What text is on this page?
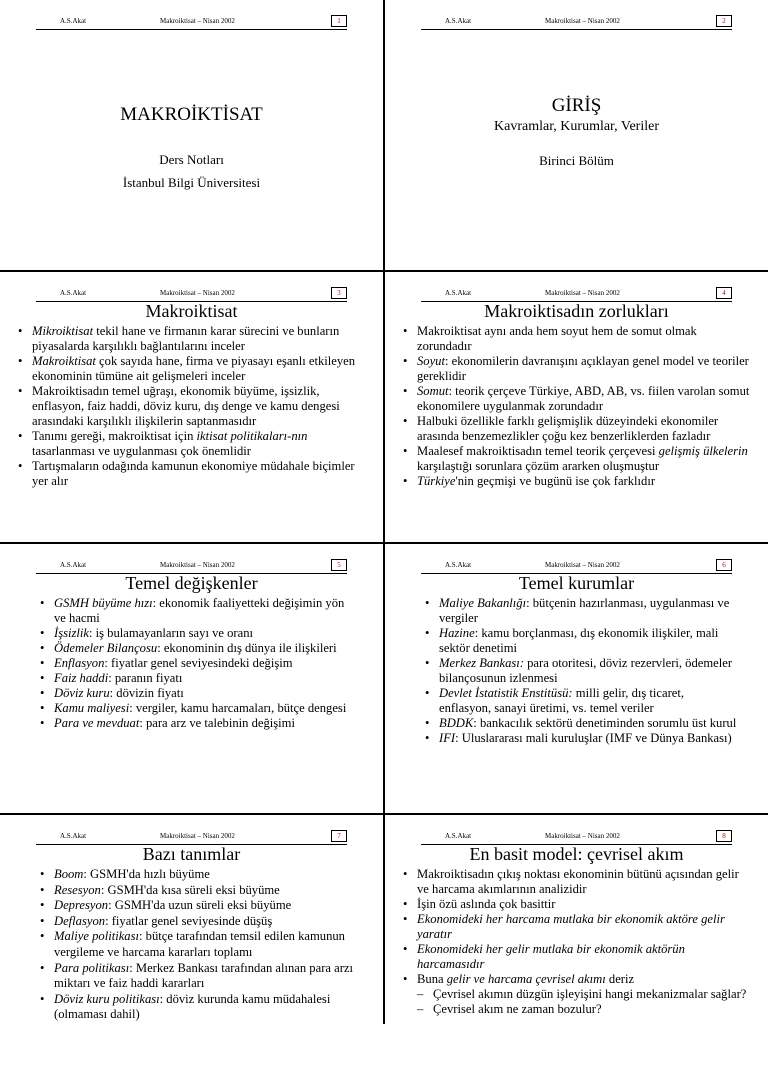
A.S.Akat	Makroiktisat – Nisan 2002	1
MAKROİKTİSAT
Ders Notları
İstanbul Bilgi Üniversitesi
A.S.Akat	Makroiktisat – Nisan 2002	2
GİRİŞ
Kavramlar, Kurumlar, Veriler
Birinci Bölüm
A.S.Akat	Makroiktisat – Nisan 2002	3
Makroiktisat
• Mikroiktisat tekil hane ve firmanın karar sürecini ve bunların piyasalarda karşılıklı bağlantılarını inceler
• Makroiktisat çok sayıda hane, firma ve piyasayı eşanlı etkileyen ekonominin tümüne ait gelişmeleri inceler
• Makroiktisadın temel uğraşı, ekonomik büyüme, işsizlik, enflasyon, faiz haddi, döviz kuru, dış denge ve kamu dengesi arasındaki karşılıklı ilişkilerin saptanmasıdır
• Tanımı gereği, makroiktisat için iktisat politikaları-nın tasarlanması ve uygulanması çok önemlidir
• Tartışmaların odağında kamunun ekonomiye müdahale biçimler yer alır
A.S.Akat	Makroiktisat – Nisan 2002	4
Makroiktisadın zorlukları
• Makroiktisat aynı anda hem soyut hem de somut olmak zorundadır
• Soyut: ekonomilerin davranışını açıklayan genel model ve teoriler gereklidir
• Somut: teorik çerçeve Türkiye, ABD, AB, vs. fiilen varolan somut ekonomilere uygulanmak zorundadır
• Halbuki özellikle farklı gelişmişlik düzeyindeki ekonomiler arasında benzemezlikler çoğu kez benzerliklerden fazladır
• Maalesef makroiktisadın temel teorik çerçevesi gelişmiş ülkelerin karşılaştığı sorunlara çözüm ararken oluşmuştur
• Türkiye'nin geçmişi ve bugünü ise çok farklıdır
A.S.Akat	Makroiktisat – Nisan 2002	5
Temel değişkenler
• GSMH büyüme hızı: ekonomik faaliyetteki değişimin yön ve hacmi
• İşsizlik: iş bulamayanların sayı ve oranı
• Ödemeler Bilançosu: ekonominin dış dünya ile ilişkileri
• Enflasyon: fiyatlar genel seviyesindeki değişim
• Faiz haddi: paranın fiyatı
• Döviz kuru: dövizin fiyatı
• Kamu maliyesi: vergiler, kamu harcamaları, bütçe dengesi
• Para ve mevduat: para arz ve talebinin değişimi
A.S.Akat	Makroiktisat – Nisan 2002	6
Temel kurumlar
• Maliye Bakanlığı: bütçenin hazırlanması, uygulanması ve vergiler
• Hazine: kamu borçlanması, dış ekonomik ilişkiler, mali sektör denetimi
• Merkez Bankası: para otoritesi, döviz rezervleri, ödemeler bilançosunun izlenmesi
• Devlet İstatistik Enstitüsü: milli gelir, dış ticaret, enflasyon, sanayi üretimi, vs. temel veriler
• BDDK: bankacılık sektörü denetiminden sorumlu üst kurul
• IFI: Uluslararası mali kuruluşlar (IMF ve Dünya Bankası)
A.S.Akat	Makroiktisat – Nisan 2002	7
Bazı tanımlar
• Boom: GSMH'da hızlı büyüme
• Resesyon: GSMH'da kısa süreli eksi büyüme
• Depresyon: GSMH'da uzun süreli eksi büyüme
• Deflasyon: fiyatlar genel seviyesinde düşüş
• Maliye politikası: bütçe tarafından temsil edilen kamunun vergileme ve harcama kararları toplamı
• Para politikası: Merkez Bankası tarafından alınan para arzı miktarı ve faiz haddi kararları
• Döviz kuru politikası: döviz kurunda kamu müdahalesi (olmaması dahil)
A.S.Akat	Makroiktisat – Nisan 2002	8
En basit model: çevrisel akım
• Makroiktisadın çıkış noktası ekonominin bütünü açısından gelir ve harcama akımlarının analizidir
• İşin özü aslında çok basittir
• Ekonomideki her harcama mutlaka bir ekonomik aktöre gelir yaratır
• Ekonomideki her gelir mutlaka bir ekonomik aktörün harcamasıdır
• Buna gelir ve harcama çevrisel akımı deriz
– Çevrisel akımın düzgün işleyişini hangi mekanizmalar sağlar?
– Çevrisel akım ne zaman bozulur?
